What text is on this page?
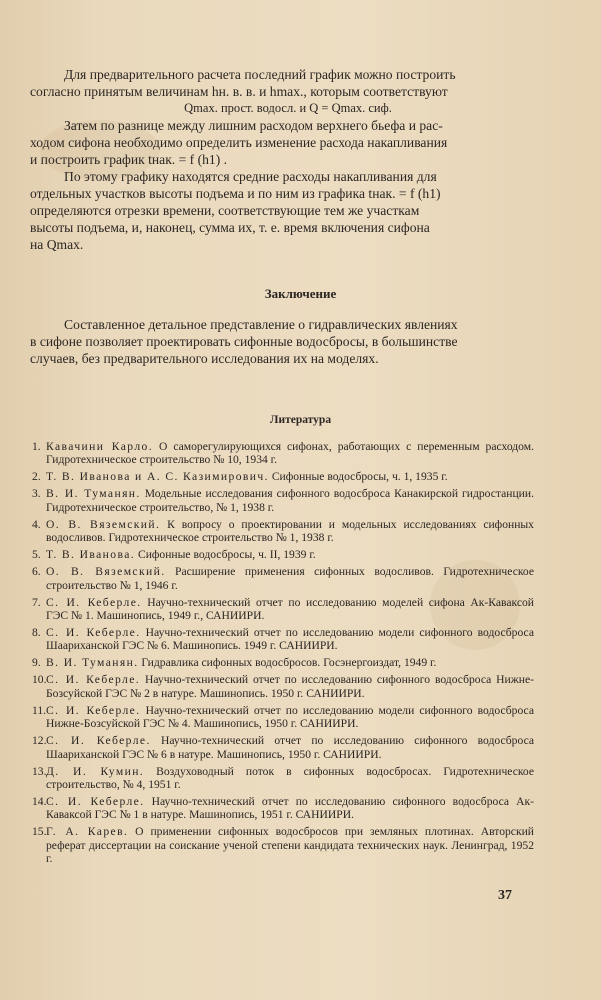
Для предварительного расчета последний график можно построить

согласно принятым величинам hн. в. в. и hmax., которым соответствуют

Qmax. прост. водосл. и Q = Qmax. сиф.

Затем по разнице между лишним расходом верхнего бьефа и рас-

ходом сифона необходимо определить изменение расхода накапливания

и построить график tнак. = f (h1) .

По этому графику находятся средние расходы накапливания для

отдельных участков высоты подъема и по ним из графика tнак. = f (h1)

определяются отрезки времени, соответствующие тем же участкам

высоты подъема, и, наконец, сумма их, т. е. время включения сифона

на Qmax.

Заключение

Составленное детальное представление о гидравлических явлениях

в сифоне позволяет проектировать сифонные водосбросы, в большинстве

случаев, без предварительного исследования их на моделях.

Литература
1. Кавачини Карло. О саморегулирующихся сифонах, работающих с переменным расходом. Гидротехническое строительство № 10, 1934 г.
2. Т. В. Иванова и А. С. Казимирович. Сифонные водосбросы, ч. 1, 1935 г.
3. В. И. Туманян. Модельные исследования сифонного водосброса Канакирской гидростанции. Гидротехническое строительство, № 1, 1938 г.
4. О. В. Вяземский. К вопросу о проектировании и модельных исследованиях сифонных водосливов. Гидротехническое строительство № 1, 1938 г.
5. Т. В. Иванова. Сифонные водосбросы, ч. II, 1939 г.
6. О. В. Вяземский. Расширение применения сифонных водосливов. Гидротехническое строительство № 1, 1946 г.
7. С. И. Кеберле. Научно-технический отчет по исследованию моделей сифона Ак-Каваксой ГЭС № 1. Машинопись, 1949 г., САНИИРИ.
8. С. И. Кеберле. Научно-технический отчет по исследованию модели сифонного водосброса Шаариханской ГЭС № 6. Машинопись. 1949 г. САНИИРИ.
9. В. И. Туманян. Гидравлика сифонных водосбросов. Госэнергоиздат, 1949 г.
10. С. И. Кеберле. Научно-технический отчет по исследованию сифонного водосброса Нижне-Бозсуйской ГЭС № 2 в натуре. Машинопись. 1950 г. САНИИРИ.
11. С. И. Кеберле. Научно-технический отчет по исследованию модели сифонного водосброса Нижне-Бозсуйской ГЭС № 4. Машинопись, 1950 г. САНИИРИ.
12. С. И. Кеберле. Научно-технический отчет по исследованию сифонного водосброса Шаариханской ГЭС № 6 в натуре. Машинопись, 1950 г. САНИИРИ.
13. Д. И. Кумин. Воздуховодный поток в сифонных водосбросах. Гидротехническое строительство, № 4, 1951 г.
14. С. И. Кеберле. Научно-технический отчет по исследованию сифонного водосброса Ак-Каваксой ГЭС № 1 в натуре. Машинопись, 1951 г. САНИИРИ.
15. Г. А. Карев. О применении сифонных водосбросов при земляных плотинах. Авторский реферат диссертации на соискание ученой степени кандидата технических наук. Ленинград, 1952 г.
37
